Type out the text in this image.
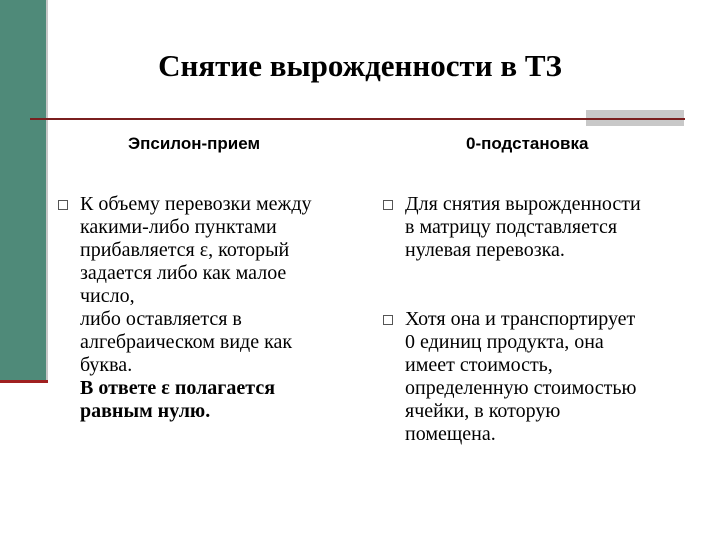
Снятие вырожденности в ТЗ
Эпсилон-прием	0-подстановка
К объему перевозки между
какими-либо пунктами
прибавляется ε, который
задается либо как малое
число,
либо оставляется в
алгебраическом виде как
буква.
В ответе ε полагается
равным нулю.
Для снятия вырожденности
в матрицу подставляется
нулевая перевозка.
Хотя она и транспортирует
0 единиц продукта, она
имеет стоимость,
определенную стоимостью
ячейки, в которую
помещена.
